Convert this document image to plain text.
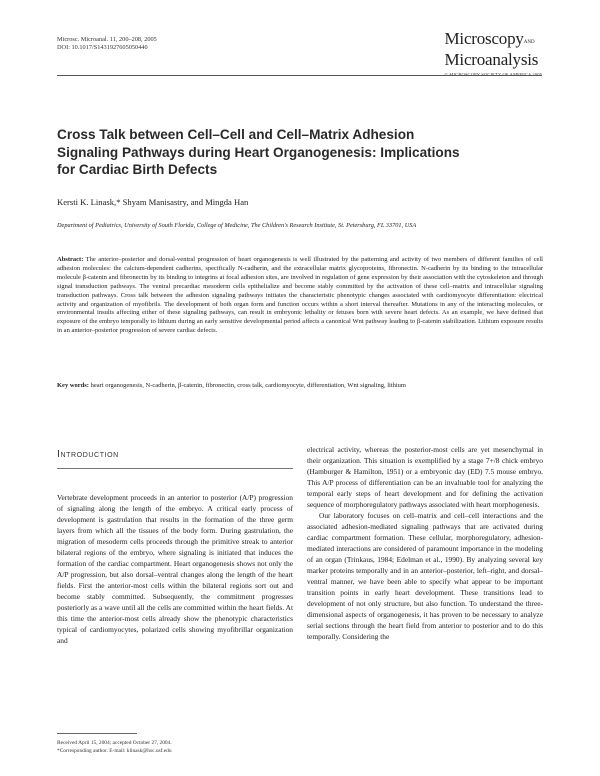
Microsc. Microanal. 11, 200–208, 2005
DOI: 10.1017/S1431927605050440	MicroscopyAND
Microanalysis
© MICROSCOPY SOCIETY OF AMERICA 2005
Cross Talk between Cell–Cell and Cell–Matrix Adhesion Signaling Pathways during Heart Organogenesis: Implications for Cardiac Birth Defects
Kersti K. Linask,* Shyam Manisastry, and Mingda Han
Department of Pediatrics, University of South Florida, College of Medicine, The Children's Research Institute, St. Petersburg, FL 33701, USA
Abstract: The anterior–posterior and dorsal-ventral progression of heart organogenesis is well illustrated by the patterning and activity of two members of different families of cell adhesion molecules: the calcium-dependent cadherins, specifically N-cadherin, and the extracellular matrix glycoproteins, fibronectin. N-cadherin by its binding to the intracellular molecule β-catenin and fibronectin by its binding to integrins at focal adhesion sites, are involved in regulation of gene expression by their association with the cytoskeleton and through signal transduction pathways. The ventral precardiac mesoderm cells epithelialize and become stably committed by the activation of these cell–matrix and intracellular signaling transduction pathways. Cross talk between the adhesion signaling pathways initiates the characteristic phenotypic changes associated with cardiomyocyte differentiation: electrical activity and organization of myofibrils. The development of both organ form and function occurs within a short interval thereafter. Mutations in any of the interacting molecules, or environmental insults affecting either of these signaling pathways, can result in embryonic lethality or fetuses born with severe heart defects. As an example, we have defined that exposure of the embryo temporally to lithium during an early sensitive developmental period affects a canonical Wnt pathway leading to β-catenin stabilization. Lithium exposure results in an anterior–posterior progression of severe cardiac defects.
Key words: heart organogenesis, N-cadherin, β-catenin, fibronectin, cross talk, cardiomyocyte, differentiation, Wnt signaling, lithium
Introduction

Vertebrate development proceeds in an anterior to posterior (A/P) progression of signaling along the length of the embryo. A critical early process of development is gastrulation that results in the formation of the three germ layers from which all the tissues of the body form. During gastrulation, the migration of mesoderm cells proceeds through the primitive streak to anterior bilateral regions of the embryo, where signaling is initiated that induces the formation of the cardiac compartment. Heart organogenesis shows not only the A/P progression, but also dorsal–ventral changes along the length of the heart fields. First the anterior-most cells within the bilateral regions sort out and become stably committed. Subsequently, the commitment progresses posteriorly as a wave until all the cells are committed within the heart fields. At this time the anterior-most cells already show the phenotypic characteristics typical of cardiomyocytes, polarized cells showing myofibrillar organization and

electrical activity, whereas the posterior-most cells are yet mesenchymal in their organization. This situation is exemplified by a stage 7+/8 chick embryo (Hamburger & Hamilton, 1951) or a embryonic day (ED) 7.5 mouse embryo. This A/P process of differentiation can be an invaluable tool for analyzing the temporal early steps of heart development and for defining the activation sequence of morphoregulatory pathways associated with heart morphogenesis.

Our laboratory focuses on cell–matrix and cell–cell interactions and the associated adhesion-mediated signaling pathways that are activated during cardiac compartment formation. These cellular, morphoregulatory, adhesion-mediated interactions are considered of paramount importance in the modeling of an organ (Trinkaus, 1984; Edelman et al., 1990). By analyzing several key marker proteins temporally and in an anterior–posterior, left–right, and dorsal–ventral manner, we have been able to specify what appear to be important transition points in early heart development. These transitions lead to development of not only structure, but also function. To understand the three-dimensional aspects of organogenesis, it has proven to be necessary to analyze serial sections through the heart field from anterior to posterior and to do this temporally. Considering the

Received April 15, 2004; accepted October 27, 2004.
*Corresponding author. E-mail: klinask@hsc.usf.edu
